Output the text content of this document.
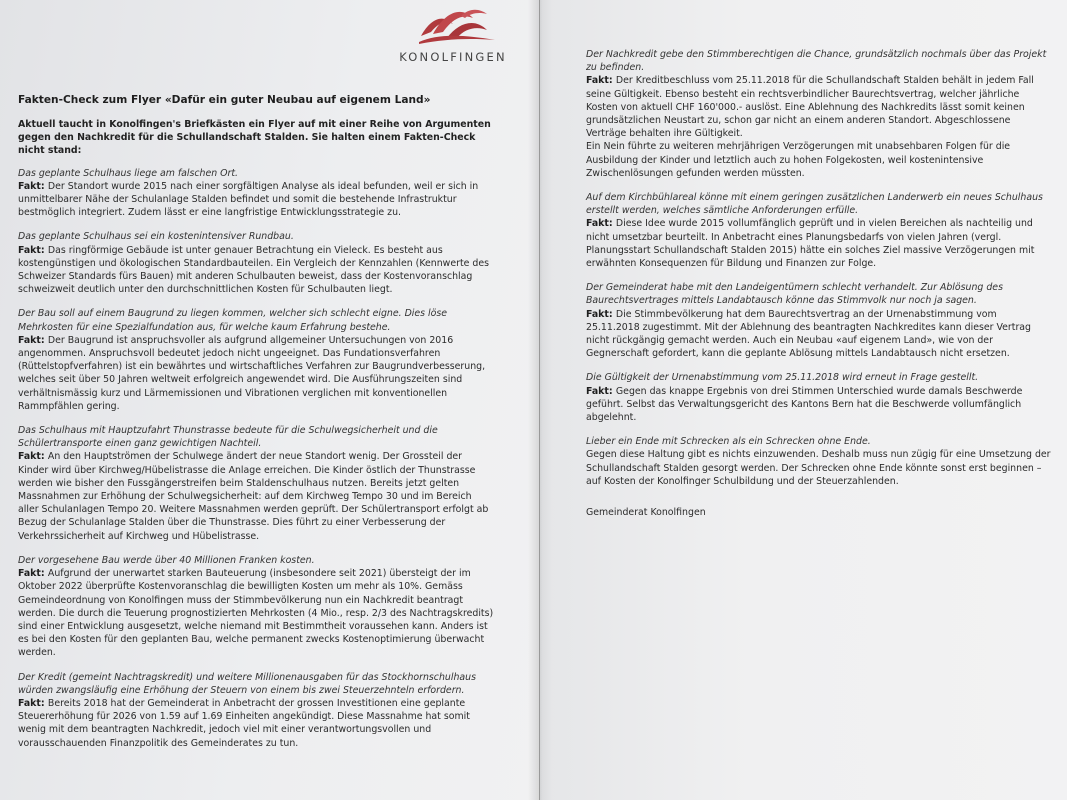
KONOLFINGEN
Fakten-Check zum Flyer «Dafür ein guter Neubau auf eigenem Land»
Aktuell taucht in Konolfingen's Briefkästen ein Flyer auf mit einer Reihe von Argumenten gegen den Nachkredit für die Schullandschaft Stalden. Sie halten einem Fakten-Check nicht stand:
Das geplante Schulhaus liege am falschen Ort.
Fakt: Der Standort wurde 2015 nach einer sorgfältigen Analyse als ideal befunden, weil er sich in unmittelbarer Nähe der Schulanlage Stalden befindet und somit die bestehende Infrastruktur bestmöglich integriert. Zudem lässt er eine langfristige Entwicklungsstrategie zu.
Das geplante Schulhaus sei ein kostenintensiver Rundbau.
Fakt: Das ringförmige Gebäude ist unter genauer Betrachtung ein Vieleck. Es besteht aus kostengünstigen und ökologischen Standardbauteilen. Ein Vergleich der Kennzahlen (Kennwerte des Schweizer Standards fürs Bauen) mit anderen Schulbauten beweist, dass der Kostenvoranschlag schweizweit deutlich unter den durchschnittlichen Kosten für Schulbauten liegt.
Der Bau soll auf einem Baugrund zu liegen kommen, welcher sich schlecht eigne. Dies löse Mehrkosten für eine Spezialfundation aus, für welche kaum Erfahrung bestehe.
Fakt: Der Baugrund ist anspruchsvoller als aufgrund allgemeiner Untersuchungen von 2016 angenommen. Anspruchsvoll bedeutet jedoch nicht ungeeignet. Das Fundationsverfahren (Rüttelstopfverfahren) ist ein bewährtes und wirtschaftliches Verfahren zur Baugrundverbesserung, welches seit über 50 Jahren weltweit erfolgreich angewendet wird. Die Ausführungszeiten sind verhältnismässig kurz und Lärmemissionen und Vibrationen verglichen mit konventionellen Rammpfählen gering.
Das Schulhaus mit Hauptzufahrt Thunstrasse bedeute für die Schulwegsicherheit und die Schülertransporte einen ganz gewichtigen Nachteil.
Fakt: An den Hauptströmen der Schulwege ändert der neue Standort wenig. Der Grossteil der Kinder wird über Kirchweg/Hübelistrasse die Anlage erreichen. Die Kinder östlich der Thunstrasse werden wie bisher den Fussgängerstreifen beim Staldenschulhaus nutzen. Bereits jetzt gelten Massnahmen zur Erhöhung der Schulwegsicherheit: auf dem Kirchweg Tempo 30 und im Bereich aller Schulanlagen Tempo 20. Weitere Massnahmen werden geprüft. Der Schülertransport erfolgt ab Bezug der Schulanlage Stalden über die Thunstrasse. Dies führt zu einer Verbesserung der Verkehrssicherheit auf Kirchweg und Hübelistrasse.
Der vorgesehene Bau werde über 40 Millionen Franken kosten.
Fakt: Aufgrund der unerwartet starken Bauteuerung (insbesondere seit 2021) übersteigt der im Oktober 2022 überprüfte Kostenvoranschlag die bewilligten Kosten um mehr als 10%. Gemäss Gemeindeordnung von Konolfingen muss der Stimmbevölkerung nun ein Nachkredit beantragt werden. Die durch die Teuerung prognostizierten Mehrkosten (4 Mio., resp. 2/3 des Nachtragskredits) sind einer Entwicklung ausgesetzt, welche niemand mit Bestimmtheit voraussehen kann. Anders ist es bei den Kosten für den geplanten Bau, welche permanent zwecks Kostenoptimierung überwacht werden.
Der Kredit (gemeint Nachtragskredit) und weitere Millionenausgaben für das Stockhornschulhaus würden zwangsläufig eine Erhöhung der Steuern von einem bis zwei Steuerzehnteln erfordern.
Fakt: Bereits 2018 hat der Gemeinderat in Anbetracht der grossen Investitionen eine geplante Steuererhöhung für 2026 von 1.59 auf 1.69 Einheiten angekündigt. Diese Massnahme hat somit wenig mit dem beantragten Nachkredit, jedoch viel mit einer verantwortungsvollen und vorausschauenden Finanzpolitik des Gemeinderates zu tun.
Der Nachkredit gebe den Stimmberechtigen die Chance, grundsätzlich nochmals über das Projekt zu befinden.
Fakt: Der Kreditbeschluss vom 25.11.2018 für die Schullandschaft Stalden behält in jedem Fall seine Gültigkeit. Ebenso besteht ein rechtsverbindlicher Baurechtsvertrag, welcher jährliche Kosten von aktuell CHF 160'000.- auslöst. Eine Ablehnung des Nachkredits lässt somit keinen grundsätzlichen Neustart zu, schon gar nicht an einem anderen Standort. Abgeschlossene Verträge behalten ihre Gültigkeit.
Ein Nein führte zu weiteren mehrjährigen Verzögerungen mit unabsehbaren Folgen für die Ausbildung der Kinder und letztlich auch zu hohen Folgekosten, weil kostenintensive Zwischenlösungen gefunden werden müssten.
Auf dem Kirchbühlareal könne mit einem geringen zusätzlichen Landerwerb ein neues Schulhaus erstellt werden, welches sämtliche Anforderungen erfülle.
Fakt: Diese Idee wurde 2015 vollumfänglich geprüft und in vielen Bereichen als nachteilig und nicht umsetzbar beurteilt. In Anbetracht eines Planungsbedarfs von vielen Jahren (vergl. Planungsstart Schullandschaft Stalden 2015) hätte ein solches Ziel massive Verzögerungen mit erwähnten Konsequenzen für Bildung und Finanzen zur Folge.
Der Gemeinderat habe mit den Landeigentümern schlecht verhandelt. Zur Ablösung des Baurechtsvertrages mittels Landabtausch könne das Stimmvolk nur noch ja sagen.
Fakt: Die Stimmbevölkerung hat dem Baurechtsvertrag an der Urnenabstimmung vom 25.11.2018 zugestimmt. Mit der Ablehnung des beantragten Nachkredites kann dieser Vertrag nicht rückgängig gemacht werden. Auch ein Neubau «auf eigenem Land», wie von der Gegnerschaft gefordert, kann die geplante Ablösung mittels Landabtausch nicht ersetzen.
Die Gültigkeit der Urnenabstimmung vom 25.11.2018 wird erneut in Frage gestellt.
Fakt: Gegen das knappe Ergebnis von drei Stimmen Unterschied wurde damals Beschwerde geführt. Selbst das Verwaltungsgericht des Kantons Bern hat die Beschwerde vollumfänglich abgelehnt.
Lieber ein Ende mit Schrecken als ein Schrecken ohne Ende.
Gegen diese Haltung gibt es nichts einzuwenden. Deshalb muss nun zügig für eine Umsetzung der Schullandschaft Stalden gesorgt werden. Der Schrecken ohne Ende könnte sonst erst beginnen – auf Kosten der Konolfinger Schulbildung und der Steuerzahlenden.
Gemeinderat Konolfingen
